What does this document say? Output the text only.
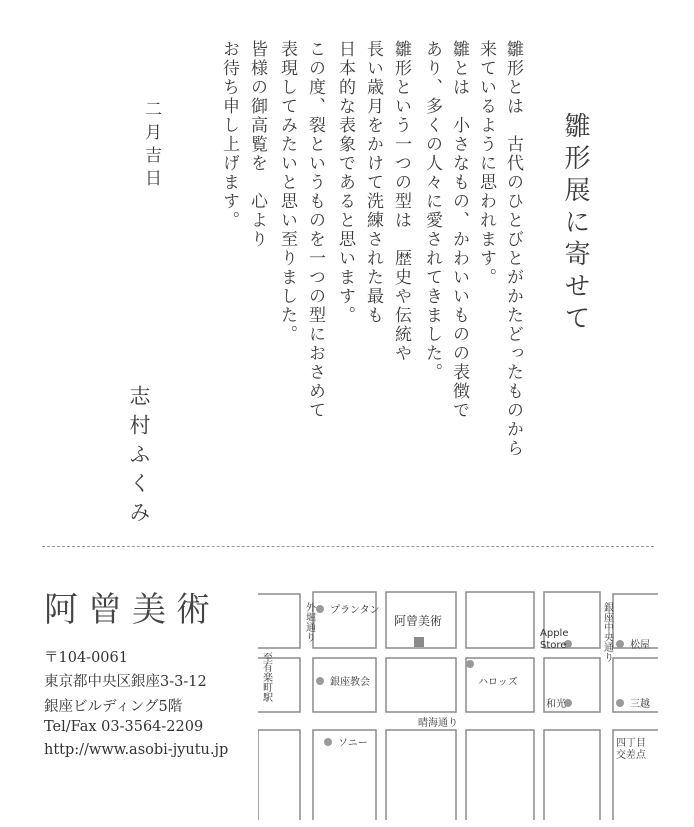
雛形展に寄せて
雛形とは　古代のひとびとがかたどったものから
来ているように思われます。
雛とは　小さなもの、かわいいものの表徴で
あり、多くの人々に愛されてきました。
雛形という一つの型は　歴史や伝統や
長い歳月をかけて洗練された最も
日本的な表象であると思います。
この度、裂というものを一つの型におさめて
表現してみたいと思い至りました。
皆様の御高覧を　心より
お待ち申し上げます。
二月吉日
志村ふくみ
阿曾美術
〒104-0061
東京都中央区銀座3-3-12
銀座ビルディング5階
Tel/Fax 03-3564-2209
http://www.asobi-jyutu.jp
外堀通り
至有楽町駅
プランタン
阿曾美術
Apple
Store	銀座中央通り 松屋
銀座教会	ハロッズ
和光	三越
晴海通り
ソニー	四丁目
交差点
